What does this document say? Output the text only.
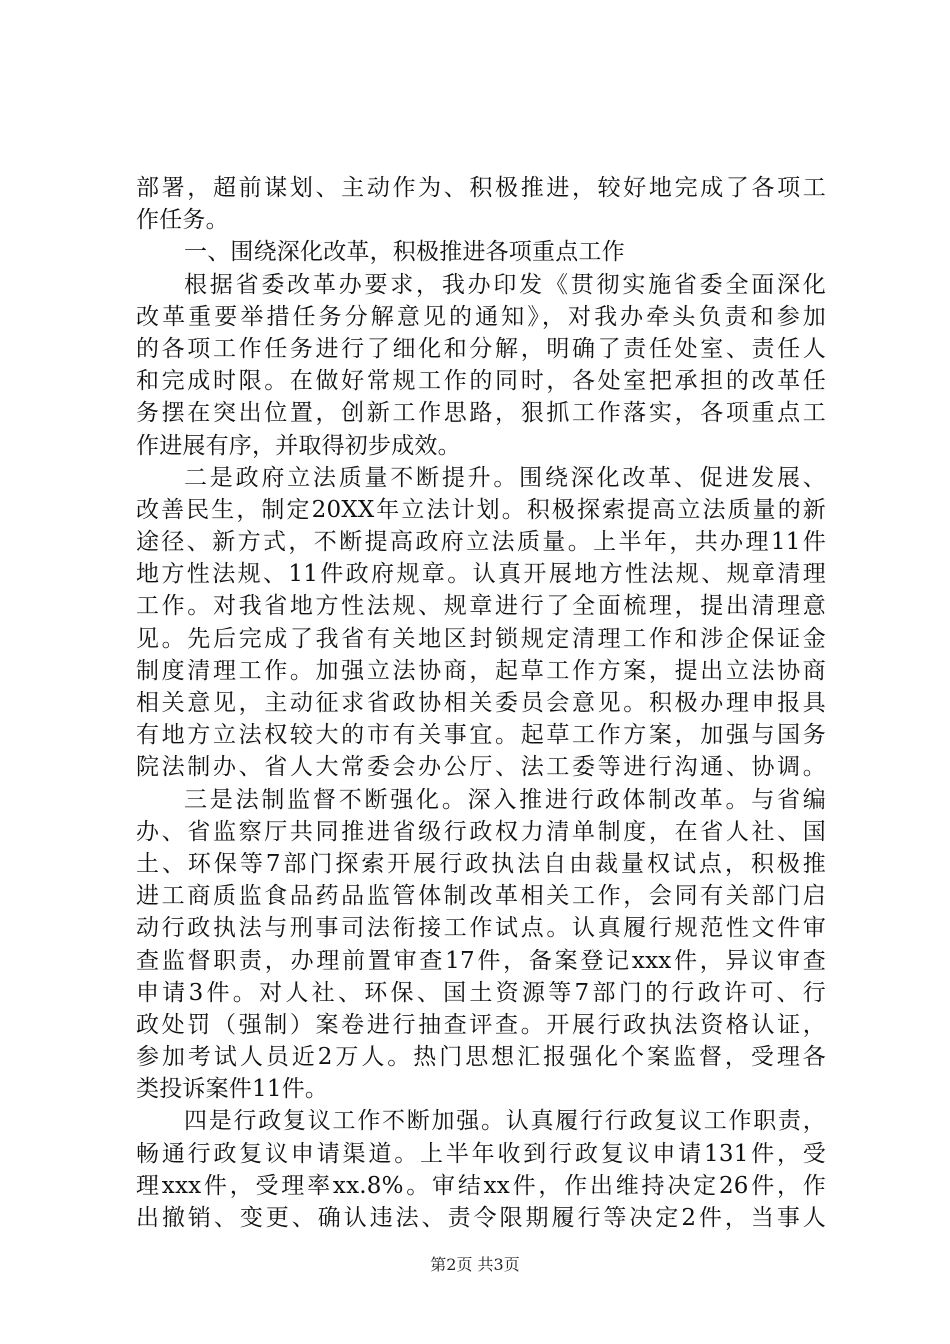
部署，超前谋划、主动作为、积极推进，较好地完成了各项工
作任务。
一、围绕深化改革，积极推进各项重点工作
根据省委改革办要求，我办印发《贯彻实施省委全面深化
改革重要举措任务分解意见的通知》，对我办牵头负责和参加
的各项工作任务进行了细化和分解，明确了责任处室、责任人
和完成时限。在做好常规工作的同时，各处室把承担的改革任
务摆在突出位置，创新工作思路，狠抓工作落实，各项重点工
作进展有序，并取得初步成效。
二是政府立法质量不断提升。围绕深化改革、促进发展、
改善民生，制定20XX年立法计划。积极探索提高立法质量的新
途径、新方式，不断提高政府立法质量。上半年，共办理11件
地方性法规、11件政府规章。认真开展地方性法规、规章清理
工作。对我省地方性法规、规章进行了全面梳理，提出清理意
见。先后完成了我省有关地区封锁规定清理工作和涉企保证金
制度清理工作。加强立法协商，起草工作方案，提出立法协商
相关意见，主动征求省政协相关委员会意见。积极办理申报具
有地方立法权较大的市有关事宜。起草工作方案，加强与国务
院法制办、省人大常委会办公厅、法工委等进行沟通、协调。
三是法制监督不断强化。深入推进行政体制改革。与省编
办、省监察厅共同推进省级行政权力清单制度，在省人社、国
土、环保等7部门探索开展行政执法自由裁量权试点，积极推
进工商质监食品药品监管体制改革相关工作，会同有关部门启
动行政执法与刑事司法衔接工作试点。认真履行规范性文件审
查监督职责，办理前置审查17件，备案登记xxx件，异议审查
申请3件。对人社、环保、国土资源等7部门的行政许可、行
政处罚（强制）案卷进行抽查评查。开展行政执法资格认证，
参加考试人员近2万人。热门思想汇报强化个案监督，受理各
类投诉案件11件。
四是行政复议工作不断加强。认真履行行政复议工作职责，
畅通行政复议申请渠道。上半年收到行政复议申请131件，受
理xxx件，受理率xx.8%。审结xx件，作出维持决定26件，作
出撤销、变更、确认违法、责令限期履行等决定2件，当事人
第2页 共3页
